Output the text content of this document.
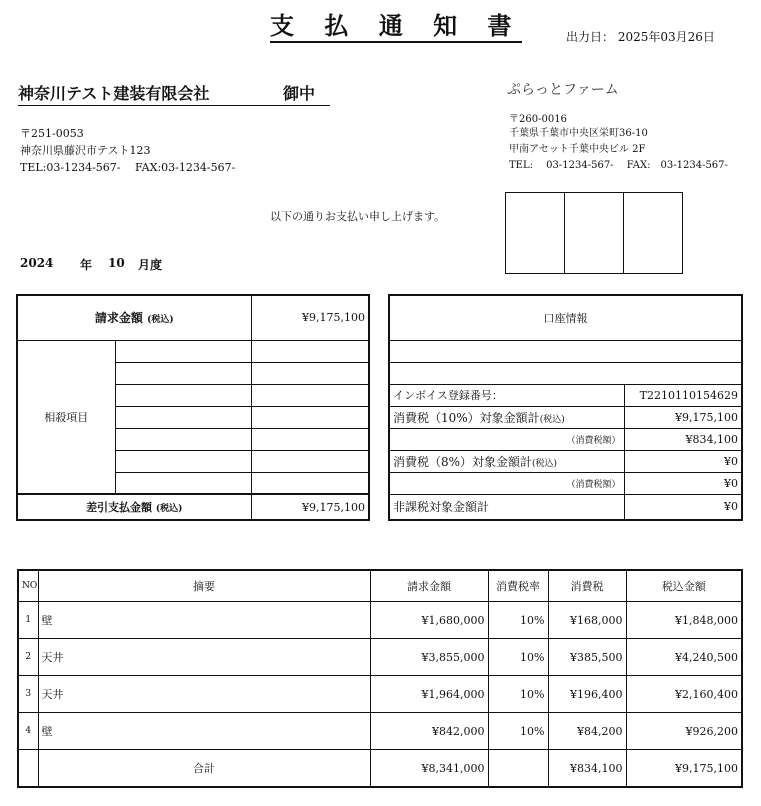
支 払 通 知 書	出力日： 2025年03月26日
神奈川テスト建装有限会社	御中
〒251-0053
神奈川県藤沢市テスト123
TEL:03-1234-567-　 FAX:03-1234-567-
ぷらっとファーム
〒260-0016
千葉県千葉市中央区栄町36-10
甲南アセット千葉中央ビル 2F
TEL:　 03-1234-567-　 FAX:　03-1234-567-
以下の通りお支払い申し上げます。
2024 年 10 月度
請求金額 (税込)		¥9,175,100
相殺項目		

差引支払金額 (税込)		¥9,175,100
口座情報	

インボイス登録番号：	T2210110154629
消費税（10%）対象金額計(税込)	¥9,175,100
（消費税額）	¥834,100
消費税（8%）対象金額計(税込)	¥0
（消費税額）	¥0
非課税対象金額計	¥0
NO	摘要	請求金額	消費税率	消費税	税込金額
1	壁	¥1,680,000	10%	¥168,000	¥1,848,000
2	天井	¥3,855,000	10%	¥385,500	¥4,240,500
3	天井	¥1,964,000	10%	¥196,400	¥2,160,400
4	壁	¥842,000	10%	¥84,200	¥926,200
	合計	¥8,341,000		¥834,100	¥9,175,100
